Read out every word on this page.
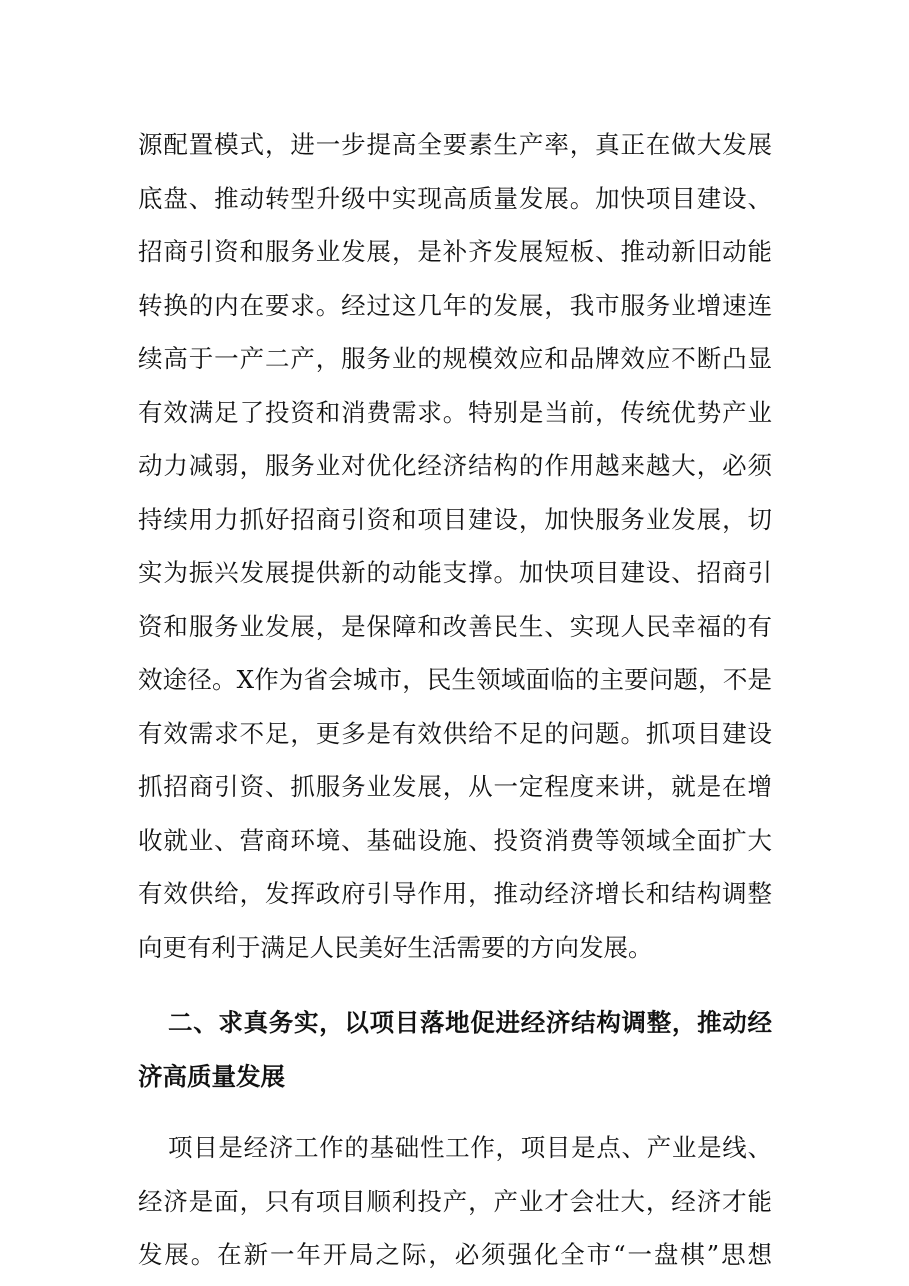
源配置模式，进一步提高全要素生产率，真正在做大发展
底盘、推动转型升级中实现高质量发展。加快项目建设、
招商引资和服务业发展，是补齐发展短板、推动新旧动能
转换的内在要求。经过这几年的发展，我市服务业增速连
续高于一产二产，服务业的规模效应和品牌效应不断凸显
有效满足了投资和消费需求。特别是当前，传统优势产业
动力减弱，服务业对优化经济结构的作用越来越大，必须
持续用力抓好招商引资和项目建设，加快服务业发展，切
实为振兴发展提供新的动能支撑。加快项目建设、招商引
资和服务业发展，是保障和改善民生、实现人民幸福的有
效途径。X作为省会城市，民生领域面临的主要问题，不是
有效需求不足，更多是有效供给不足的问题。抓项目建设
抓招商引资、抓服务业发展，从一定程度来讲，就是在增
收就业、营商环境、基础设施、投资消费等领域全面扩大
有效供给，发挥政府引导作用，推动经济增长和结构调整
向更有利于满足人民美好生活需要的方向发展。
二、求真务实，以项目落地促进经济结构调整，推动经
济高质量发展
项目是经济工作的基础性工作，项目是点、产业是线、
经济是面，只有项目顺利投产，产业才会壮大，经济才能
发展。在新一年开局之际，必须强化全市“一盘棋”思想
